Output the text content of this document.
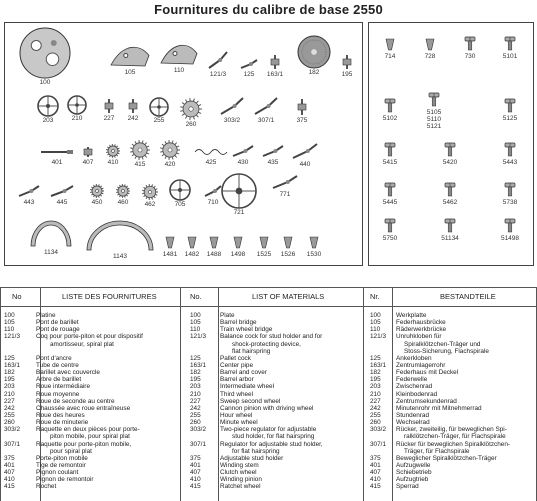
Fournitures du calibre de base 2550
100
105	110
121/3	125	163/1	182	195
203	210	227	242	255
260
303/2	307/1	375
401	407	410	415	420	425	430	435	440
443	445	450	460	462	705	710
721
771
1134
1143	1481	1482	1488	1498	1525	1526	1530
714	728	730	5101
5102
5105
5110
5121
5125
5415	5420	5443
5445	5462	5738
5750	51134	51498
No	LISTE DES FOURNITURES	No.	LIST OF MATERIALS	Nr.	BESTANDTEILE
100	Platine
105	Pont de barillet
110	Pont de rouage
121/3	Coq pour porte-piton et pour dispositif
amortisseur, spiral plat
125	Pont d'ancre
163/1	Tube de centre
182	Barillet avec couvercle
195	Arbre de barillet
203	Roue intermédiaire
210	Roue moyenne
227	Roue de seconde au centre
242	Chaussée avec roue entraîneuse
255	Roue des heures
260	Roue de minuterie
303/2	Raquette en deux pièces pour porte-
piton mobile, pour spiral plat
307/1	Raquette pour porte-piton mobile,
pour spiral plat
375	Porte-piton mobile
401	Tige de remontoir
407	Pignon coulant
410	Pignon de remontoir
415	Rochet
100	Plate
105	Barrel bridge
110	Train wheel bridge
121/3	Balance cock for stud holder and for
shock-protecting device,
flat hairspring
125	Pallet cock
163/1	Center pipe
182	Barrel and cover
195	Barrel arbor
203	Intermediate wheel
210	Third wheel
227	Sweep second wheel
242	Cannon pinion with driving wheel
255	Hour wheel
260	Minute wheel
303/2	Two-piece regulator for adjustable
stud holder, for flat hairspring
307/1	Regulator for adjustable stud holder,
for flat hairspring
375	Adjustable stud holder
401	Winding stem
407	Clutch wheel
410	Winding pinion
415	Ratchet wheel
100	Werkplatte
105	Federhausbrücke
110	Räderwerkbrücke
121/3	Unruhkloben für
Spiralklötzchen-Träger und
Stoss-Sicherung, Flachspirale
125	Ankerkloben
163/1	Zentrumlagerrohr
182	Federhaus mit Deckel
195	Federwelle
203	Zwischenrad
210	Kleinbodenrad
227	Zentrumsekundenrad
242	Minutenrohr mit Mitnehmerrad
255	Stundenrad
260	Wechselrad
303/2	Rücker, zweiteilig, für beweglichen Spi-
ralklötzchen-Träger, für Flachspirale
307/1	Rücker für beweglichen Spiralklötzchen-
Träger, für Flachspirale
375	Beweglicher Spiralklötzchen-Träger
401	Aufzugwelle
407	Schiebetrieb
410	Aufzugtrieb
415	Sperrad
